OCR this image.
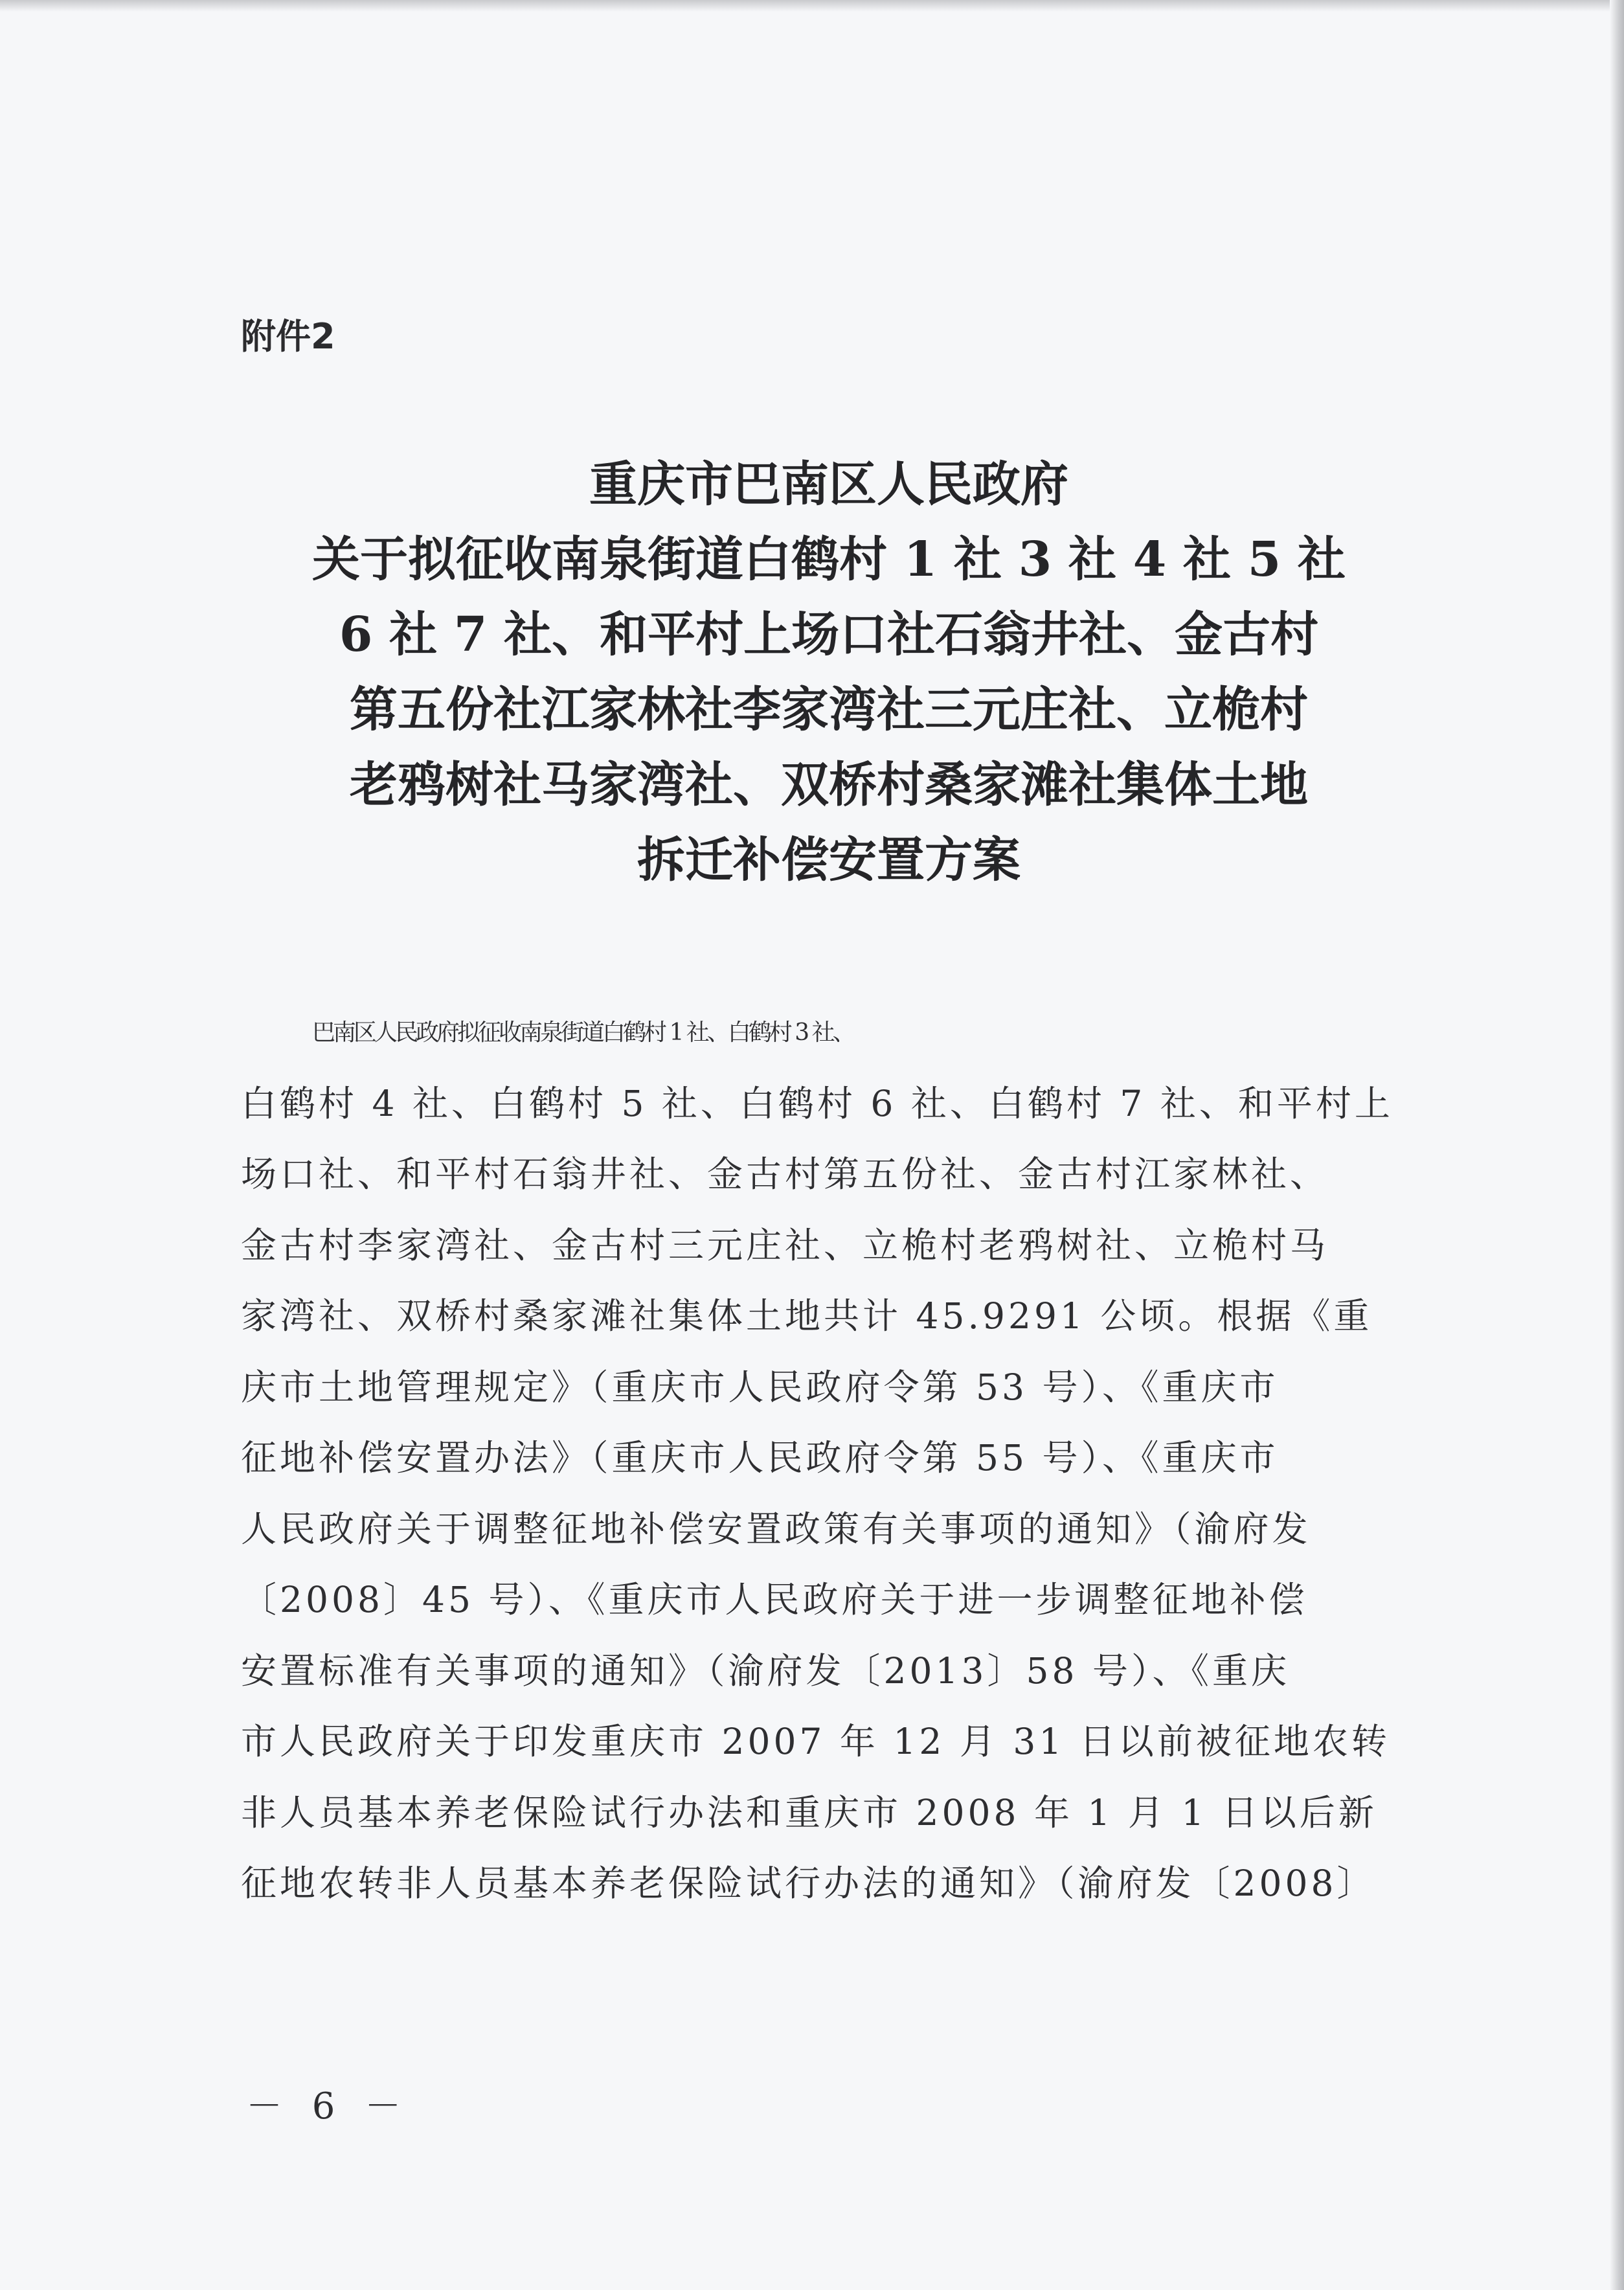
附件2
重庆市巴南区人民政府
关于拟征收南泉街道白鹤村 1 社 3 社 4 社 5 社
6 社 7 社、和平村上场口社石翁井社、金古村
第五份社江家林社李家湾社三元庄社、立桅村
老鸦树社马家湾社、双桥村桑家滩社集体土地
拆迁补偿安置方案
巴南区人民政府拟征收南泉街道白鹤村 1 社、白鹤村 3 社、
白鹤村 4 社、白鹤村 5 社、白鹤村 6 社、白鹤村 7 社、和平村上
场口社、和平村石翁井社、金古村第五份社、金古村江家林社、
金古村李家湾社、金古村三元庄社、立桅村老鸦树社、立桅村马
家湾社、双桥村桑家滩社集体土地共计 45.9291 公顷。根据《重
庆市土地管理规定》（重庆市人民政府令第 53 号）、《重庆市
征地补偿安置办法》（重庆市人民政府令第 55 号）、《重庆市
人民政府关于调整征地补偿安置政策有关事项的通知》（渝府发
〔2008〕45 号）、《重庆市人民政府关于进一步调整征地补偿
安置标准有关事项的通知》（渝府发〔2013〕58 号）、《重庆
市人民政府关于印发重庆市 2007 年 12 月 31 日以前被征地农转
非人员基本养老保险试行办法和重庆市 2008 年 1 月 1 日以后新
征地农转非人员基本养老保险试行办法的通知》（渝府发〔2008〕
－ 6 －
